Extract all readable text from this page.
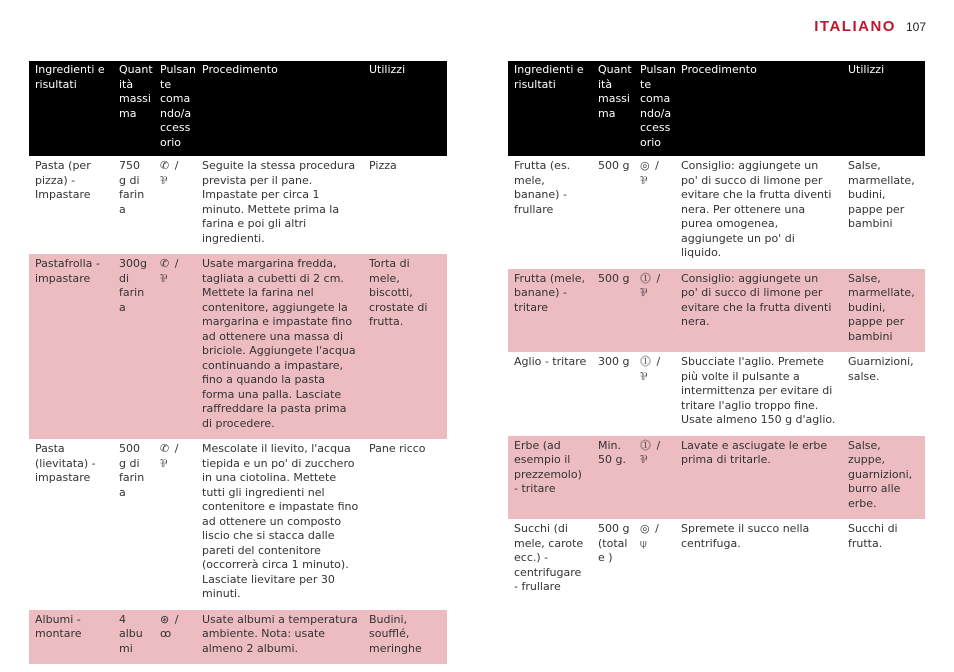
ITALIANO 107
Ingredienti e risultati	Quant ità massi ma	Pulsan te coma ndo/a ccess orio	Procedimento	Utilizzi
Pasta (per pizza) - Impastare	750 g di farina	✆ / ⅌	Seguite la stessa procedura prevista per il pane. Impastate per circa 1 minuto. Mettete prima la farina e poi gli altri ingredienti.	Pizza
Pastafrolla - impastare	300g di farina	✆ / ⅌	Usate margarina fredda, tagliata a cubetti di 2 cm. Mettete la farina nel contenitore, aggiungete la margarina e impastate fino ad ottenere una massa di briciole. Aggiungete l'acqua continuando a impastare, fino a quando la pasta forma una palla. Lasciate raffreddare la pasta prima di procedere.	Torta di mele, biscotti, crostate di frutta.
Pasta (lievitata) - impastare	500 g di farina	✆ / ⅌	Mescolate il lievito, l'acqua tiepida e un po' di zucchero in una ciotolina. Mettete tutti gli ingredienti nel contenitore e impastate fino ad ottenere un composto liscio che si stacca dalle pareti del contenitore (occorrerà circa 1 minuto). Lasciate lievitare per 30 minuti.	Pane ricco
Albumi - montare	4 albumi	⊛ / ꝏ	Usate albumi a temperatura ambiente. Nota: usate almeno 2 albumi.	Budini, soufflé, meringhe
Ingredienti e risultati	Quant ità massi ma	Pulsan te coma ndo/a ccess orio	Procedimento	Utilizzi
Frutta (es. mele, banane) - frullare	500 g	◎ / ⅌	Consiglio: aggiungete un po' di succo di limone per evitare che la frutta diventi nera. Per ottenere una purea omogenea, aggiungete un po' di liquido.	Salse, marmellate, budini, pappe per bambini
Frutta (mele, banane) - tritare	500 g	⓵ / ⅌	Consiglio: aggiungete un po' di succo di limone per evitare che la frutta diventi nera.	Salse, marmellate, budini, pappe per bambini
Aglio - tritare	300 g	⓵ / ⅌	Sbucciate l'aglio. Premete più volte il pulsante a intermittenza per evitare di tritare l'aglio troppo fine. Usate almeno 150 g d'aglio.	Guarnizioni, salse.
Erbe (ad esempio il prezzemolo) - tritare	Min. 50 g.	⓵ / ⅌	Lavate e asciugate le erbe prima di tritarle.	Salse, zuppe, guarnizioni, burro alle erbe.
Succhi (di mele, carote ecc.) - centrifugare - frullare	500 g (totale )	◎ / ⍦	Spremete il succo nella centrifuga.	Succhi di frutta.
